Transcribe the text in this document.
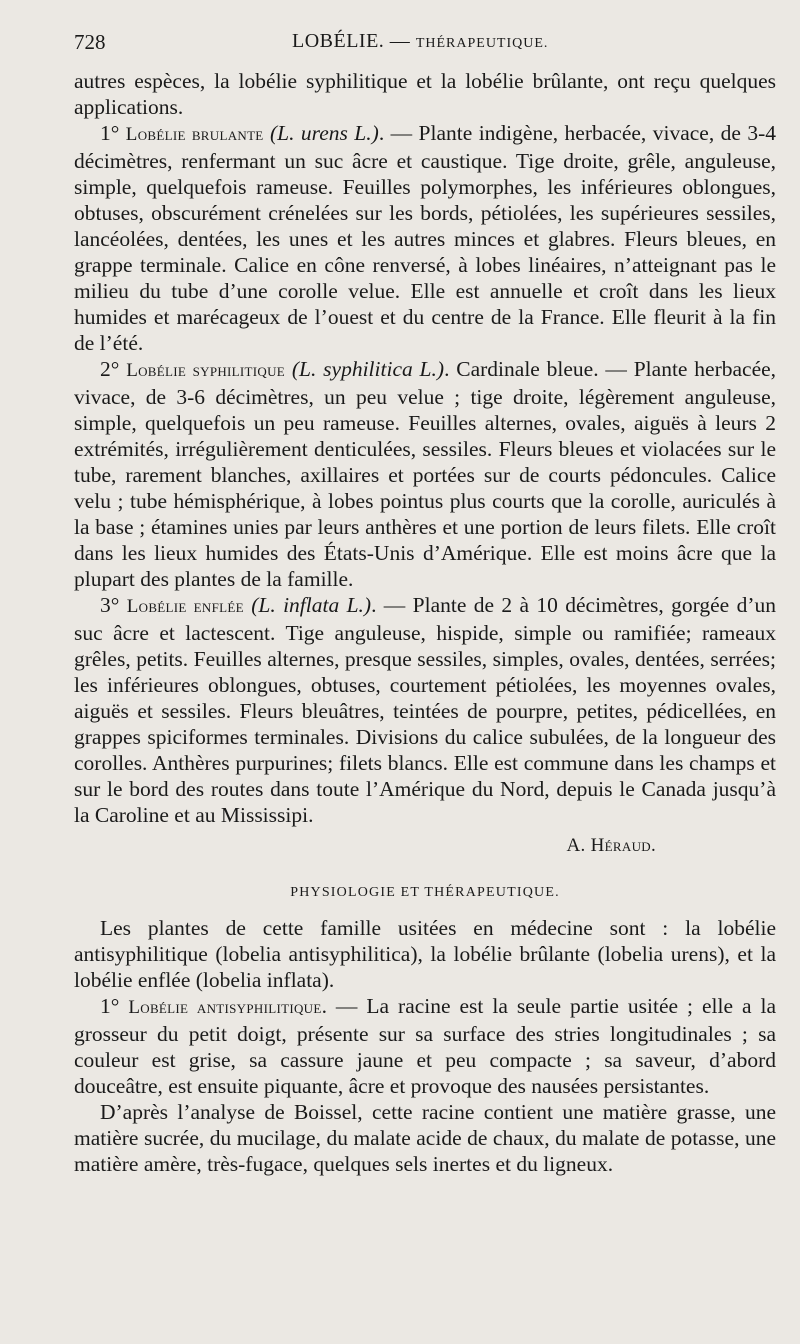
728	LOBÉLIE. — THÉRAPEUTIQUE.

autres espèces, la lobélie syphilitique et la lobélie brûlante, ont reçu quelques applications.

1° Lobélie brulante (L. urens L.). — Plante indigène, herbacée, vivace, de 3-4 décimètres, renfermant un suc âcre et caustique. Tige droite, grêle, anguleuse, simple, quelquefois rameuse. Feuilles polymorphes, les inférieures oblongues, obtuses, obscurément crénelées sur les bords, pétiolées, les supérieures sessiles, lancéolées, dentées, les unes et les autres minces et glabres. Fleurs bleues, en grappe terminale. Calice en cône renversé, à lobes linéaires, n’atteignant pas le milieu du tube d’une corolle velue. Elle est annuelle et croît dans les lieux humides et marécageux de l’ouest et du centre de la France. Elle fleurit à la fin de l’été.

2° Lobélie syphilitique (L. syphilitica L.). Cardinale bleue. — Plante herbacée, vivace, de 3-6 décimètres, un peu velue ; tige droite, légèrement anguleuse, simple, quelquefois un peu rameuse. Feuilles alternes, ovales, aiguës à leurs 2 extrémités, irrégulièrement denticulées, sessiles. Fleurs bleues et violacées sur le tube, rarement blanches, axillaires et portées sur de courts pédoncules. Calice velu ; tube hémisphérique, à lobes pointus plus courts que la corolle, auriculés à la base ; étamines unies par leurs anthères et une portion de leurs filets. Elle croît dans les lieux humides des États-Unis d’Amérique. Elle est moins âcre que la plupart des plantes de la famille.

3° Lobélie enflée (L. inflata L.). — Plante de 2 à 10 décimètres, gorgée d’un suc âcre et lactescent. Tige anguleuse, hispide, simple ou ramifiée; rameaux grêles, petits. Feuilles alternes, presque sessiles, simples, ovales, dentées, serrées; les inférieures oblongues, obtuses, courtement pétiolées, les moyennes ovales, aiguës et sessiles. Fleurs bleuâtres, teintées de pourpre, petites, pédicellées, en grappes spiciformes terminales. Divisions du calice subulées, de la longueur des corolles. Anthères purpurines; filets blancs. Elle est commune dans les champs et sur le bord des routes dans toute l’Amérique du Nord, depuis le Canada jusqu’à la Caroline et au Mississipi.

A. Héraud.
PHYSIOLOGIE ET THÉRAPEUTIQUE.

Les plantes de cette famille usitées en médecine sont : la lobélie antisyphilitique (lobelia antisyphilitica), la lobélie brûlante (lobelia urens), et la lobélie enflée (lobelia inflata).

1° Lobélie antisyphilitique. — La racine est la seule partie usitée ; elle a la grosseur du petit doigt, présente sur sa surface des stries longitudinales ; sa couleur est grise, sa cassure jaune et peu compacte ; sa saveur, d’abord douceâtre, est ensuite piquante, âcre et provoque des nausées persistantes.

D’après l’analyse de Boissel, cette racine contient une matière grasse, une matière sucrée, du mucilage, du malate acide de chaux, du malate de potasse, une matière amère, très-fugace, quelques sels inertes et du ligneux.
